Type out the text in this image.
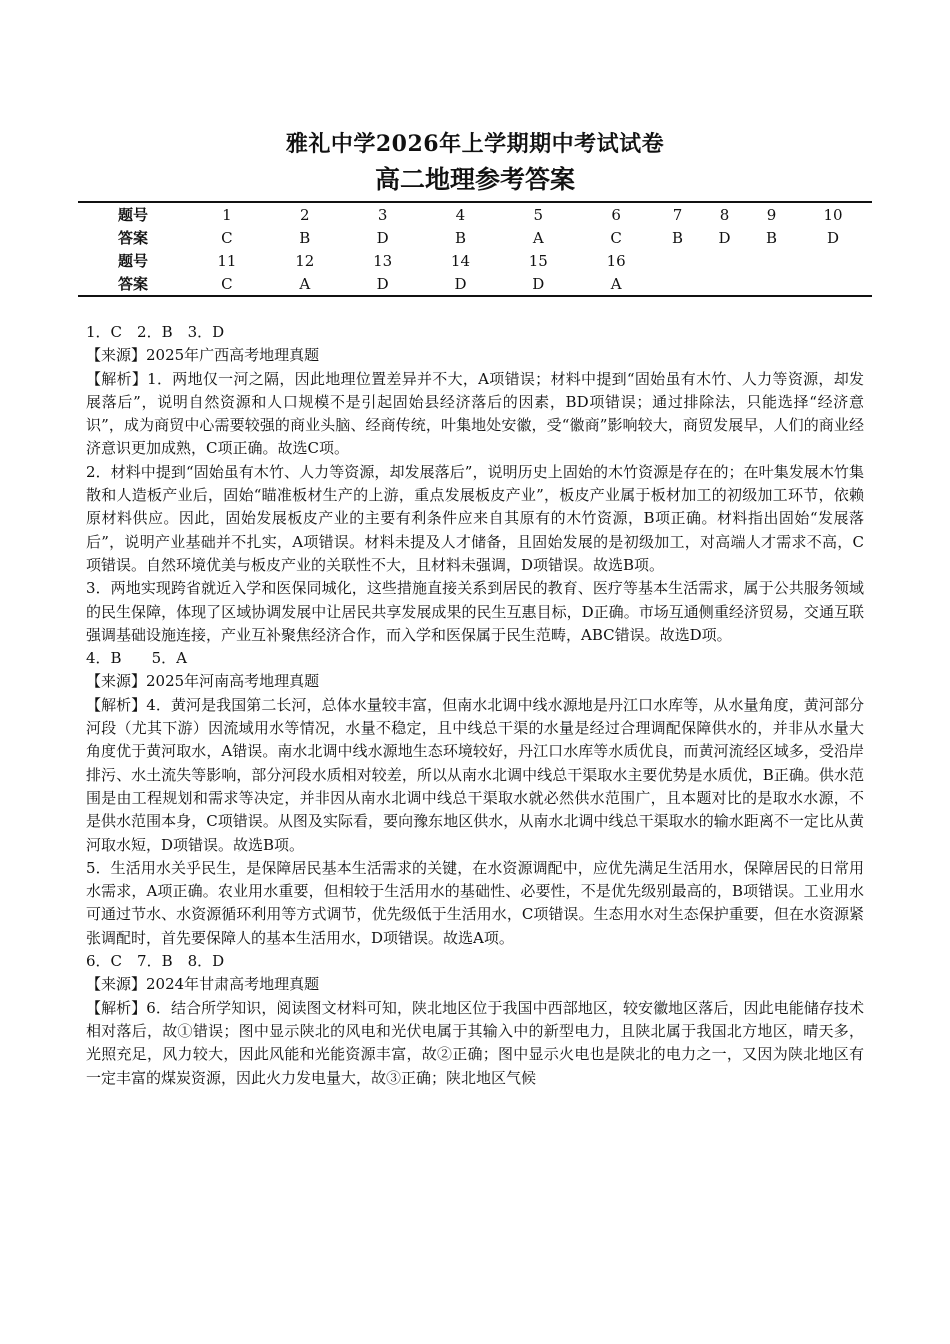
雅礼中学2026年上学期期中考试试卷
高二地理参考答案
题号	1	2	3	4	5	6	7	8	9	10
答案	C	B	D	B	A	C	B	D	B	D
题号	11	12	13	14	15	16				
答案	C	A	D	D	D	A				

1．C　2．B　3．D

【来源】2025年广西高考地理真题

【解析】1．两地仅一河之隔，因此地理位置差异并不大，A项错误；材料中提到“固始虽有木竹、人力等资源，却发展落后”，说明自然资源和人口规模不是引起固始县经济落后的因素，BD项错误；通过排除法，只能选择“经济意识”，成为商贸中心需要较强的商业头脑、经商传统，叶集地处安徽，受“徽商”影响较大，商贸发展早，人们的商业经济意识更加成熟，C项正确。故选C项。

2．材料中提到“固始虽有木竹、人力等资源，却发展落后”，说明历史上固始的木竹资源是存在的；在叶集发展木竹集散和人造板产业后，固始“瞄准板材生产的上游，重点发展板皮产业”，板皮产业属于板材加工的初级加工环节，依赖原材料供应。因此，固始发展板皮产业的主要有利条件应来自其原有的木竹资源，B项正确。材料指出固始“发展落后”，说明产业基础并不扎实，A项错误。材料未提及人才储备，且固始发展的是初级加工，对高端人才需求不高，C项错误。自然环境优美与板皮产业的关联性不大，且材料未强调，D项错误。故选B项。

3．两地实现跨省就近入学和医保同城化，这些措施直接关系到居民的教育、医疗等基本生活需求，属于公共服务领域的民生保障，体现了区域协调发展中让居民共享发展成果的民生互惠目标，D正确。市场互通侧重经济贸易，交通互联强调基础设施连接，产业互补聚焦经济合作，而入学和医保属于民生范畴，ABC错误。故选D项。

4．B　　5．A

【来源】2025年河南高考地理真题

【解析】4．黄河是我国第二长河，总体水量较丰富，但南水北调中线水源地是丹江口水库等，从水量角度，黄河部分河段（尤其下游）因流域用水等情况，水量不稳定，且中线总干渠的水量是经过合理调配保障供水的，并非从水量大角度优于黄河取水，A错误。南水北调中线水源地生态环境较好，丹江口水库等水质优良，而黄河流经区域多，受沿岸排污、水土流失等影响，部分河段水质相对较差，所以从南水北调中线总干渠取水主要优势是水质优，B正确。供水范围是由工程规划和需求等决定，并非因从南水北调中线总干渠取水就必然供水范围广，且本题对比的是取水水源，不是供水范围本身，C项错误。从图及实际看，要向豫东地区供水，从南水北调中线总干渠取水的输水距离不一定比从黄河取水短，D项错误。故选B项。

5．生活用水关乎民生，是保障居民基本生活需求的关键，在水资源调配中，应优先满足生活用水，保障居民的日常用水需求，A项正确。农业用水重要，但相较于生活用水的基础性、必要性，不是优先级别最高的，B项错误。工业用水可通过节水、水资源循环利用等方式调节，优先级低于生活用水，C项错误。生态用水对生态保护重要，但在水资源紧张调配时，首先要保障人的基本生活用水，D项错误。故选A项。

6．C　7．B　8．D

【来源】2024年甘肃高考地理真题

【解析】6．结合所学知识，阅读图文材料可知，陕北地区位于我国中西部地区，较安徽地区落后，因此电能储存技术相对落后，故①错误；图中显示陕北的风电和光伏电属于其输入中的新型电力，且陕北属于我国北方地区，晴天多，光照充足，风力较大，因此风能和光能资源丰富，故②正确；图中显示火电也是陕北的电力之一，又因为陕北地区有一定丰富的煤炭资源，因此火力发电量大，故③正确；陕北地区气候
